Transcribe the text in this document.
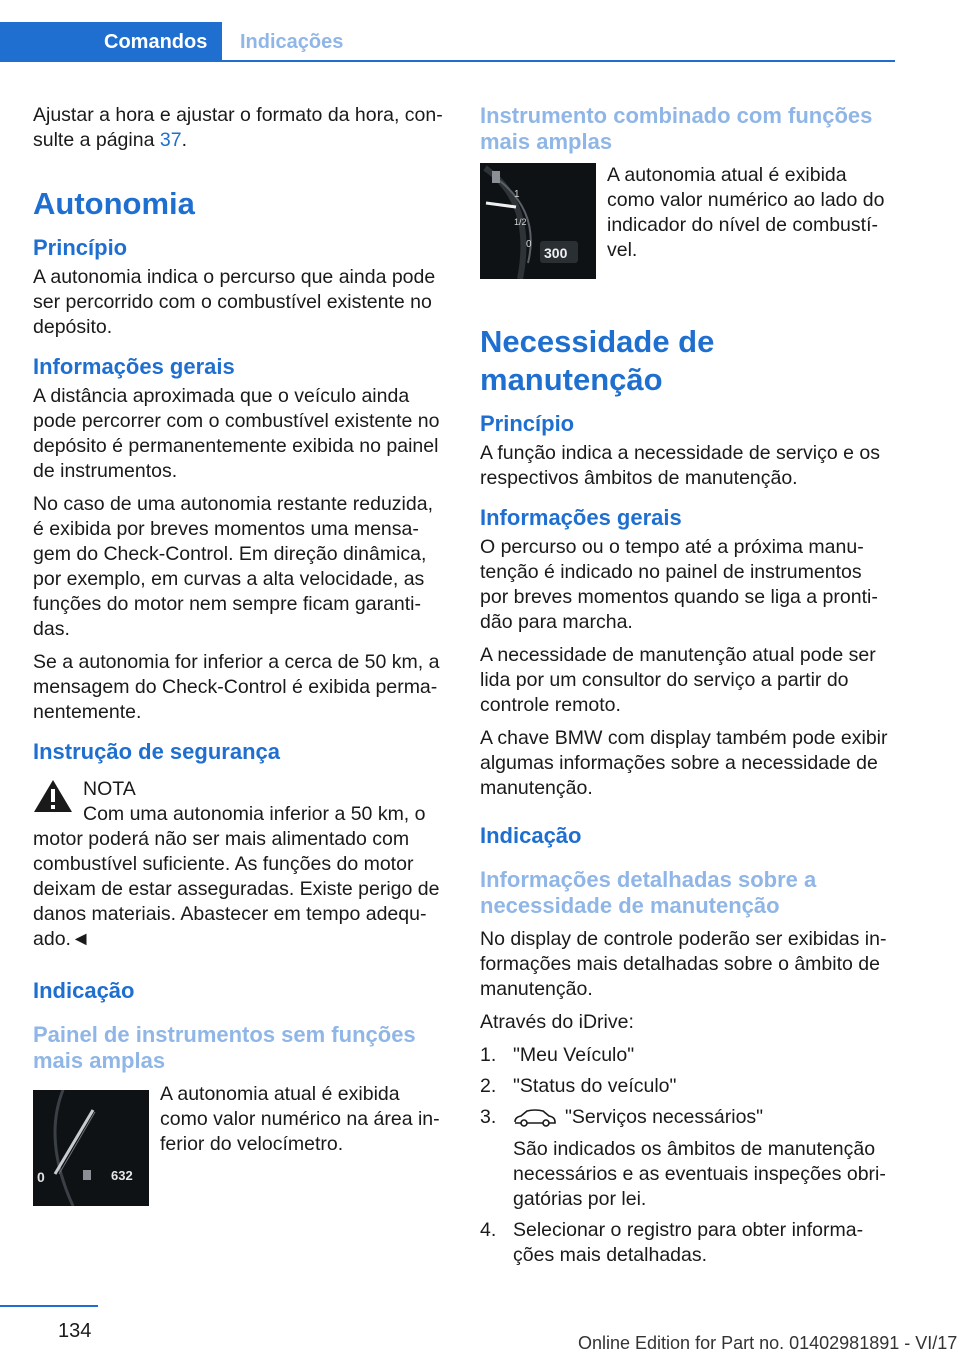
Comandos	Indicações

Ajustar a hora e ajustar o formato da hora, consulte a página 37.

Autonomia
Princípio

A autonomia indica o percurso que ainda pode ser percorrido com o combustível existente no depósito.

Informações gerais

A distância aproximada que o veículo ainda pode percorrer com o combustível existente no depósito é permanentemente exibida no painel de instrumentos.

No caso de uma autonomia restante reduzida, é exibida por breves momentos uma mensagem do Check-Control. Em direção dinâmica, por exemplo, em curvas a alta velocidade, as funções do motor nem sempre ficam garantidas.

Se a autonomia for inferior a cerca de 50 km, a mensagem do Check-Control é exibida permanentemente.

Instrução de segurança
NOTA
Com uma autonomia inferior a 50 km, o motor poderá não ser mais alimentado com combustível suficiente. As funções do motor deixam de estar asseguradas. Existe perigo de danos materiais. Abastecer em tempo adequado.◄
Indicação
Painel de instrumentos sem funções mais amplas
0	632
A autonomia atual é exibida como valor numérico na área inferior do velocímetro.
Instrumento combinado com funções mais amplas
1
1/2
0
300
A autonomia atual é exibida como valor numérico ao lado do indicador do nível de combustível.
Necessidade de manutenção
Princípio

A função indica a necessidade de serviço e os respectivos âmbitos de manutenção.

Informações gerais

O percurso ou o tempo até a próxima manutenção é indicado no painel de instrumentos por breves momentos quando se liga a prontidão para marcha.

A necessidade de manutenção atual pode ser lida por um consultor do serviço a partir do controle remoto.

A chave BMW com display também pode exibir algumas informações sobre a necessidade de manutenção.

Indicação
Informações detalhadas sobre a necessidade de manutenção

No display de controle poderão ser exibidas informações mais detalhadas sobre o âmbito de manutenção.

Através do iDrive:

1. "Meu Veículo"
2. "Status do veículo"
3.	"Serviços necessários"
São indicados os âmbitos de manutenção necessários e as eventuais inspeções obrigatórias por lei.
4. Selecionar o registro para obter informações mais detalhadas.
134
Online Edition for Part no. 01402981891 - VI/17
